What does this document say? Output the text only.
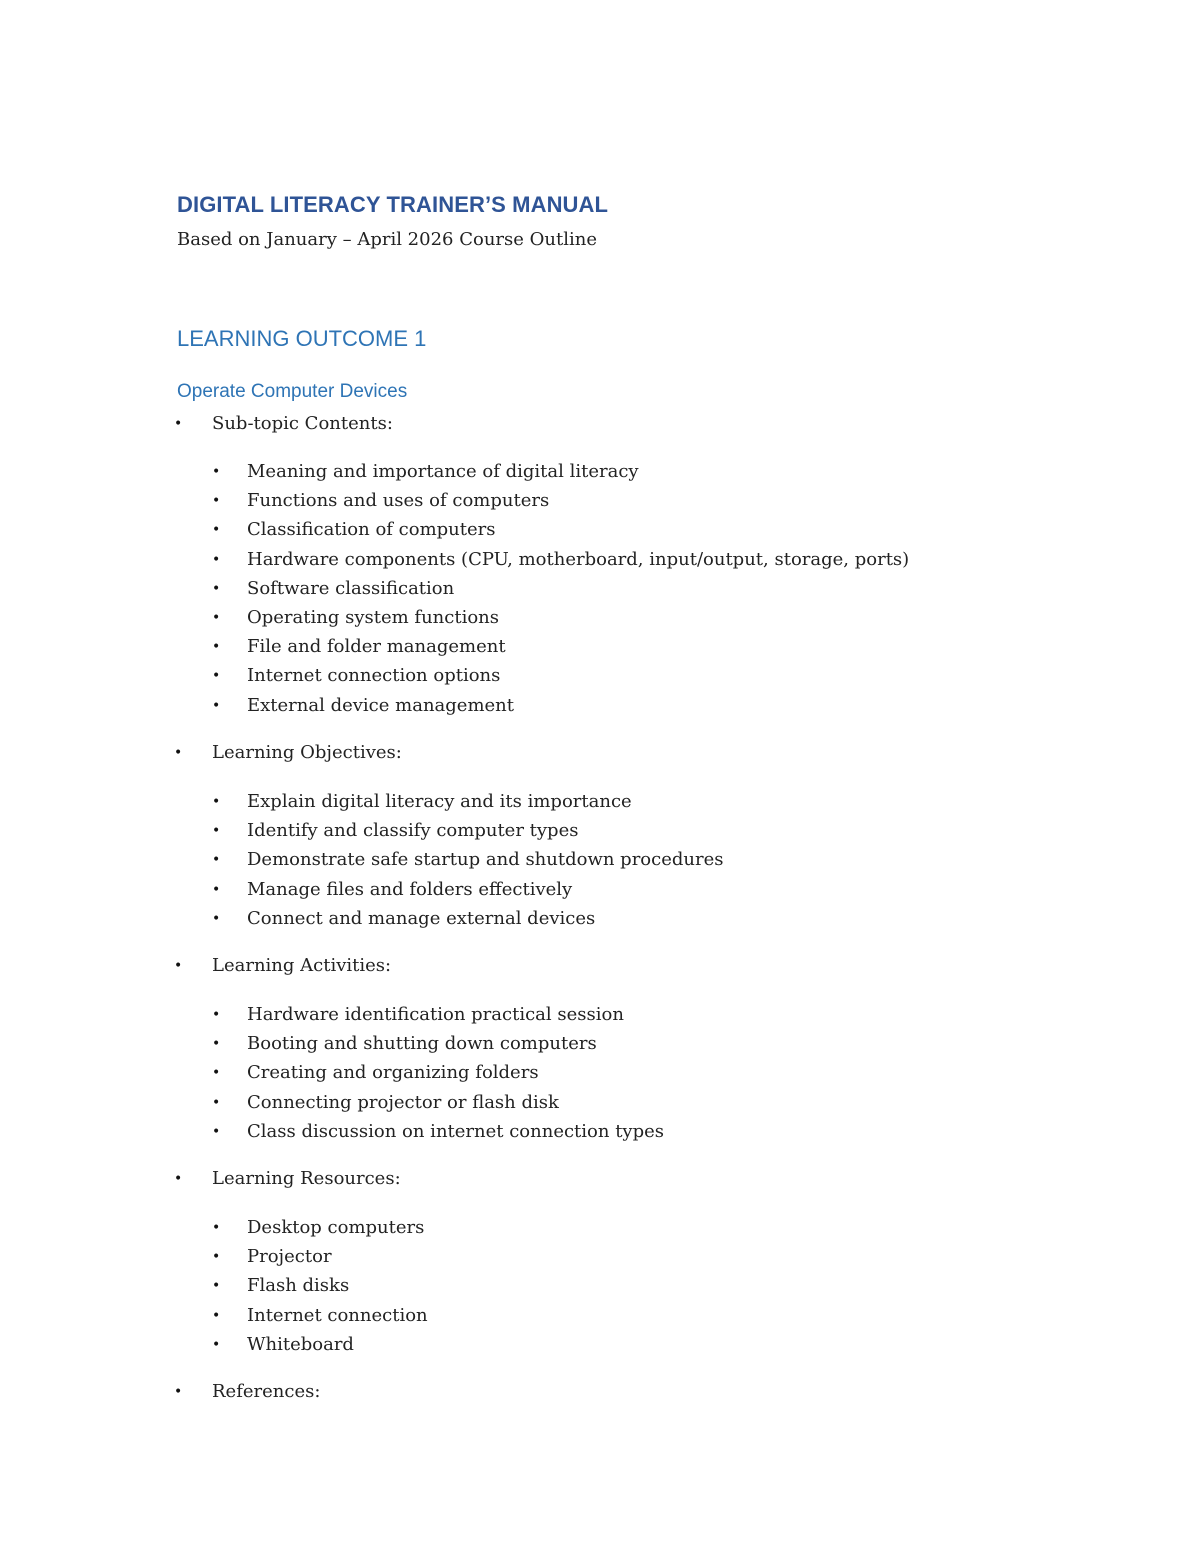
DIGITAL LITERACY TRAINER’S MANUAL

Based on January – April 2026 Course Outline

LEARNING OUTCOME 1
Operate Computer Devices
• Sub-topic Contents:
• Meaning and importance of digital literacy
• Functions and uses of computers
• Classification of computers
• Hardware components (CPU, motherboard, input/output, storage, ports)
• Software classification
• Operating system functions
• File and folder management
• Internet connection options
• External device management
• Learning Objectives:
• Explain digital literacy and its importance
• Identify and classify computer types
• Demonstrate safe startup and shutdown procedures
• Manage files and folders effectively
• Connect and manage external devices
• Learning Activities:
• Hardware identification practical session
• Booting and shutting down computers
• Creating and organizing folders
• Connecting projector or flash disk
• Class discussion on internet connection types
• Learning Resources:
• Desktop computers
• Projector
• Flash disks
• Internet connection
• Whiteboard
• References:
